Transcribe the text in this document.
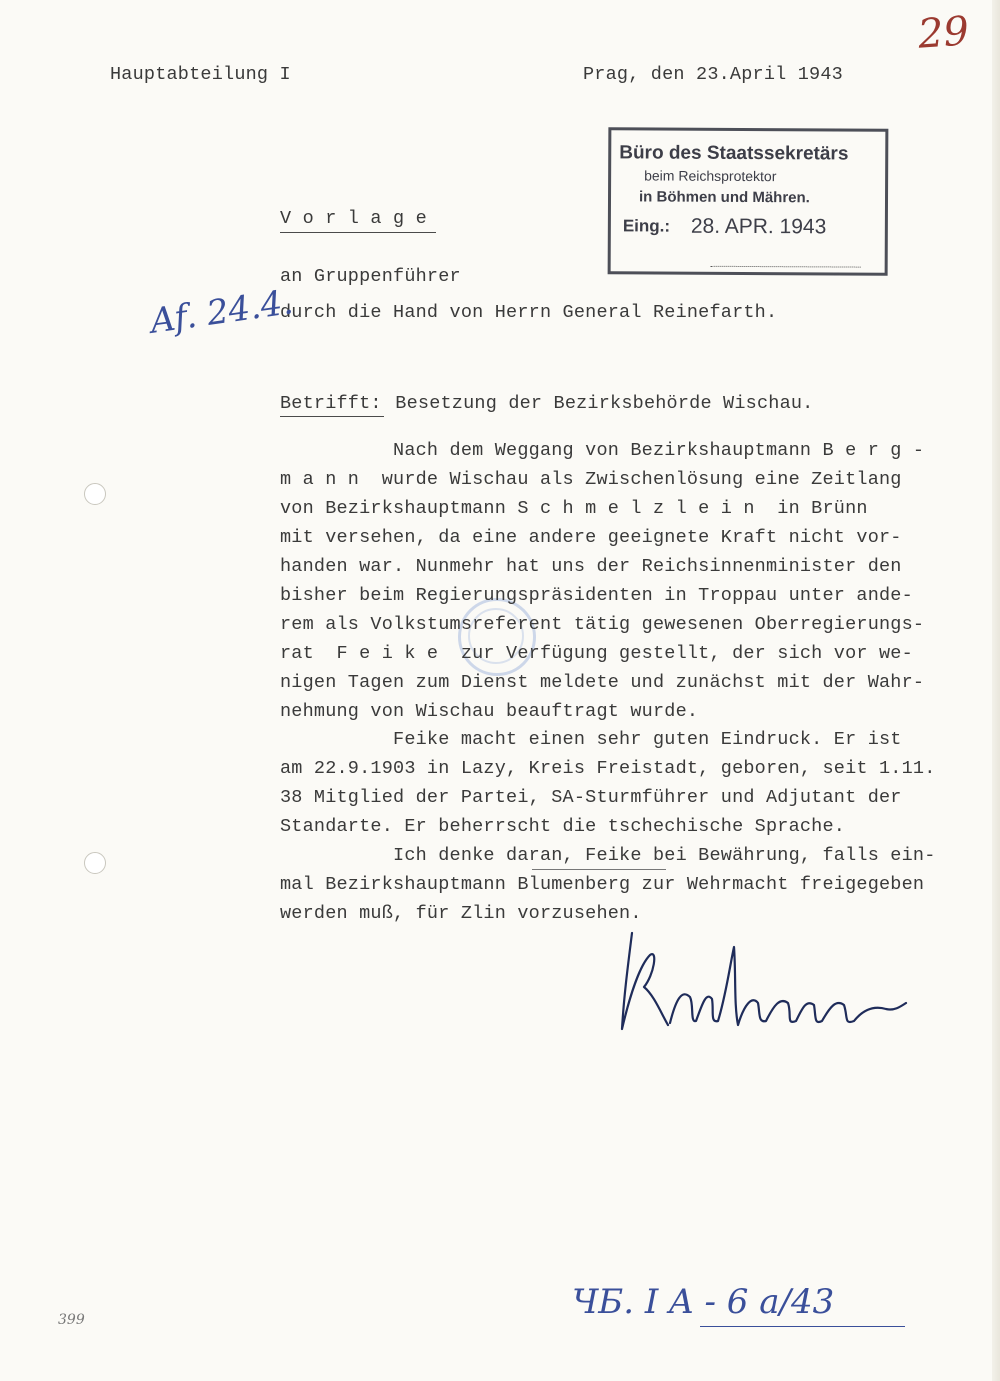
29
Hauptabteilung I	Prag, den 23.April 1943
Büro des Staatssekretärs
beim Reichsprotektor
in Böhmen und Mähren.
Eing.: 28. APR. 1943
V o r l a g e
an Gruppenführer
durch die Hand von Herrn General Reinefarth.
Af. 24.4.
Betrifft: Besetzung der Bezirksbehörde Wischau.
Nach dem Weggang von Bezirkshauptmann B e r g -
m a n n  wurde Wischau als Zwischenlösung eine Zeitlang
von Bezirkshauptmann S c h m e l z l e i n  in Brünn
mit versehen, da eine andere geeignete Kraft nicht vor-
handen war. Nunmehr hat uns der Reichsinnenminister den
bisher beim Regierungspräsidenten in Troppau unter ande-
rem als Volkstumsreferent tätig gewesenen Oberregierungs-
rat  F e i k e  zur Verfügung gestellt, der sich vor we-
nigen Tagen zum Dienst meldete und zunächst mit der Wahr-
nehmung von Wischau beauftragt wurde.
Feike macht einen sehr guten Eindruck. Er ist
am 22.9.1903 in Lazy, Kreis Freistadt, geboren, seit 1.11.
38 Mitglied der Partei, SA-Sturmführer und Adjutant der
Standarte. Er beherrscht die tschechische Sprache.
Ich denke daran, Feike bei Bewährung, falls ein-
mal Bezirkshauptmann Blumenberg zur Wehrmacht freigegeben
werden muß, für Zlin vorzusehen.
ЧБ. I A - 6 a/43
399
